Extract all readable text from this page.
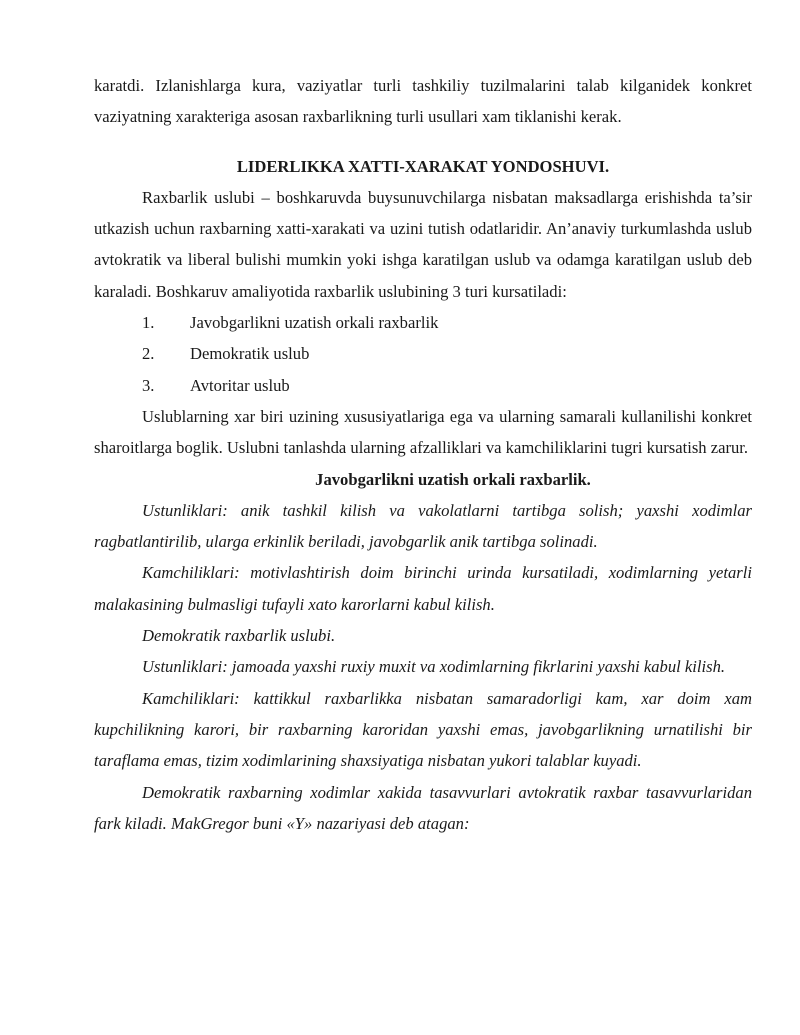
karatdi. Izlanishlarga kura, vaziyatlar turli tashkiliy tuzilmalarini talab kilganidek konkret vaziyatning xarakteriga asosan raxbarlikning turli usullari xam tiklanishi kerak.

LIDERLIKKA XATTI-XARAKAT YONDOSHUVI.

Raxbarlik uslubi – boshkaruvda buysunuvchilarga nisbatan maksadlarga erishishda ta’sir utkazish uchun raxbarning xatti-xarakati va uzini tutish odatlaridir. An’anaviy turkumlashda uslub avtokratik va liberal bulishi mumkin yoki ishga karatilgan uslub va odamga karatilgan uslub deb karaladi. Boshkaruv amaliyotida raxbarlik uslubining 3 turi kursatiladi:

1.	Javobgarlikni uzatish orkali raxbarlik
2.	Demokratik uslub
3.	Avtoritar uslub

Uslublarning xar biri uzining xususiyatlariga ega va ularning samarali kullanilishi konkret sharoitlarga boglik. Uslubni tanlashda ularning afzalliklari va kamchiliklarini tugri kursatish zarur.

Javobgarlikni uzatish orkali raxbarlik.

Ustunliklari: anik tashkil kilish va vakolatlarni tartibga solish; yaxshi xodimlar ragbatlantirilib, ularga erkinlik beriladi, javobgarlik anik tartibga solinadi.

Kamchiliklari: motivlashtirish doim birinchi urinda kursatiladi, xodimlarning yetarli malakasining bulmasligi tufayli xato karorlarni kabul kilish.

Demokratik raxbarlik uslubi.

Ustunliklari: jamoada yaxshi ruxiy muxit va xodimlarning fikrlarini yaxshi kabul kilish.

Kamchiliklari: kattikkul raxbarlikka nisbatan samaradorligi kam, xar doim xam kupchilikning karori, bir raxbarning karoridan yaxshi emas, javobgarlikning urnatilishi bir taraflama emas, tizim xodimlarining shaxsiyatiga nisbatan yukori talablar kuyadi.

Demokratik raxbarning xodimlar xakida tasavvurlari avtokratik raxbar tasavvurlaridan fark kiladi. MakGregor buni «Y» nazariyasi deb atagan:
